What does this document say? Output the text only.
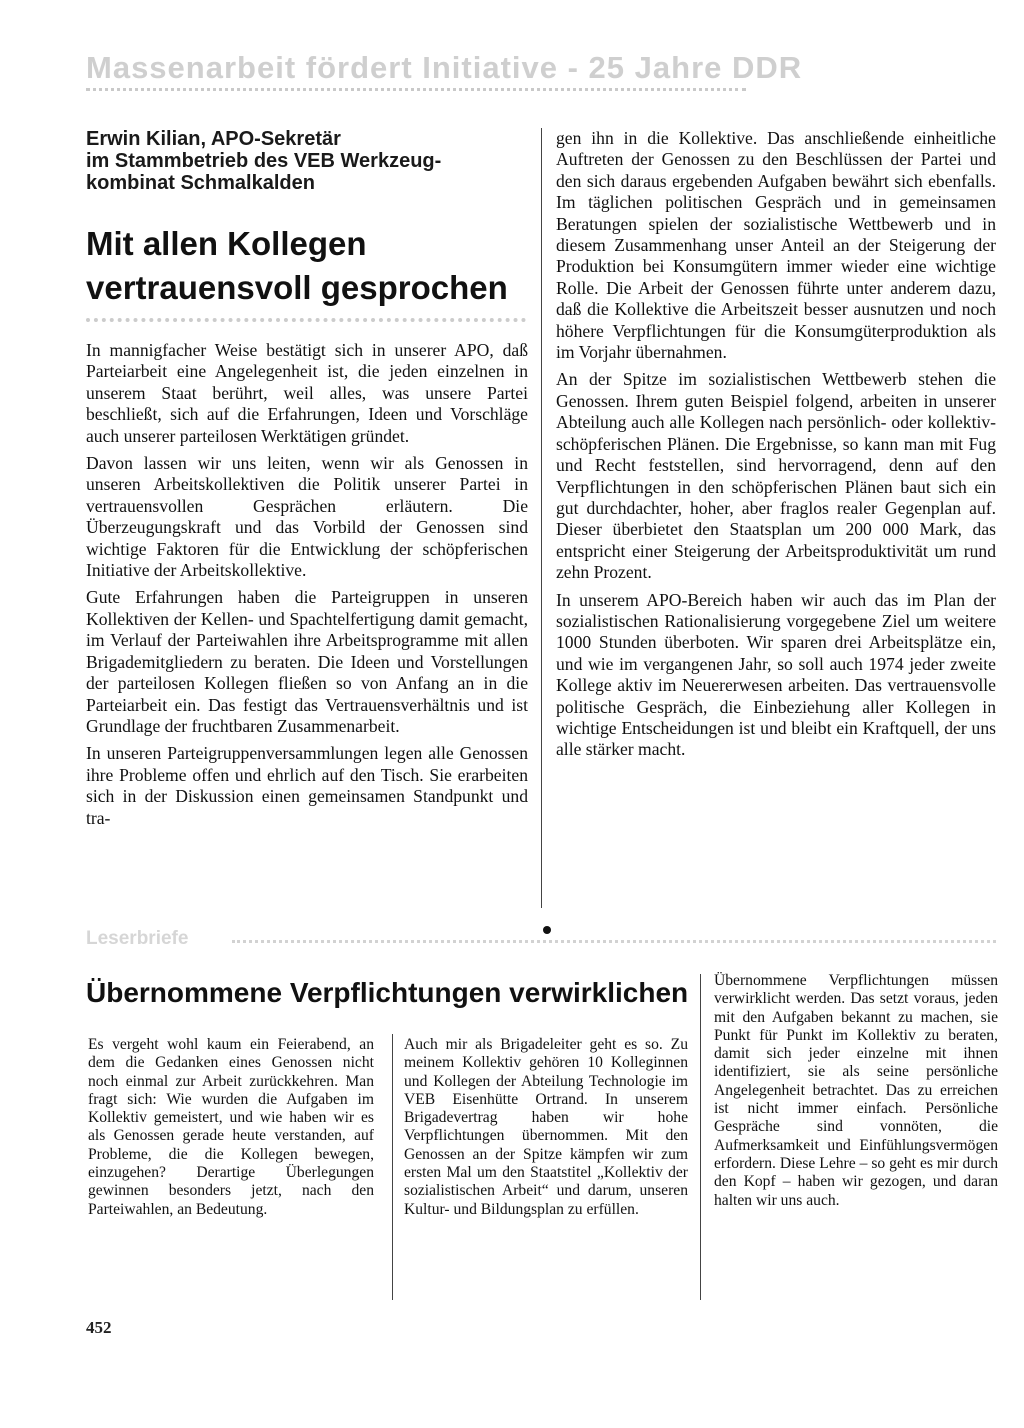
Massenarbeit fördert Initiative - 25 Jahre DDR

Erwin Kilian, APO-Sekretär
im Stammbetrieb des VEB Werkzeug-
kombinat Schmalkalden
Mit allen Kollegen
vertrauensvoll gesprochen

In mannigfacher Weise bestätigt sich in unserer APO, daß Parteiarbeit eine Angelegenheit ist, die jeden einzelnen in unserem Staat berührt, weil alles, was unsere Partei beschließt, sich auf die Erfahrungen, Ideen und Vorschläge auch unserer parteilosen Werktätigen gründet.

Davon lassen wir uns leiten, wenn wir als Genossen in unseren Arbeitskollektiven die Politik unserer Partei in vertrauensvollen Gesprächen erläutern. Die Überzeugungskraft und das Vorbild der Genossen sind wichtige Faktoren für die Entwicklung der schöpferischen Initiative der Arbeitskollektive.

Gute Erfahrungen haben die Parteigruppen in unseren Kollektiven der Kellen- und Spachtelfertigung damit gemacht, im Verlauf der Parteiwahlen ihre Arbeitsprogramme mit allen Brigademitgliedern zu beraten. Die Ideen und Vorstellungen der parteilosen Kollegen fließen so von Anfang an in die Parteiarbeit ein. Das festigt das Vertrauensverhältnis und ist Grundlage der fruchtbaren Zusammenarbeit.

In unseren Parteigruppenversammlungen legen alle Genossen ihre Probleme offen und ehrlich auf den Tisch. Sie erarbeiten sich in der Diskussion einen gemeinsamen Standpunkt und tra-

gen ihn in die Kollektive. Das anschließende einheitliche Auftreten der Genossen zu den Beschlüssen der Partei und den sich daraus ergebenden Aufgaben bewährt sich ebenfalls. Im täglichen politischen Gespräch und in gemeinsamen Beratungen spielen der sozialistische Wettbewerb und in diesem Zusammenhang unser Anteil an der Steigerung der Produktion bei Konsumgütern immer wieder eine wichtige Rolle. Die Arbeit der Genossen führte unter anderem dazu, daß die Kollektive die Arbeitszeit besser ausnutzen und noch höhere Verpflichtungen für die Konsumgüterproduktion als im Vorjahr übernahmen.

An der Spitze im sozialistischen Wettbewerb stehen die Genossen. Ihrem guten Beispiel folgend, arbeiten in unserer Abteilung auch alle Kollegen nach persönlich- oder kollektiv-schöpferischen Plänen. Die Ergebnisse, so kann man mit Fug und Recht feststellen, sind hervorragend, denn auf den Verpflichtungen in den schöpferischen Plänen baut sich ein gut durchdachter, hoher, aber fraglos realer Gegenplan auf. Dieser überbietet den Staatsplan um 200 000 Mark, das entspricht einer Steigerung der Arbeitsproduktivität um rund zehn Prozent.

In unserem APO-Bereich haben wir auch das im Plan der sozialistischen Rationalisierung vorgegebene Ziel um weitere 1000 Stunden überboten. Wir sparen drei Arbeitsplätze ein, und wie im vergangenen Jahr, so soll auch 1974 jeder zweite Kollege aktiv im Neuererwesen arbeiten. Das vertrauensvolle politische Gespräch, die Einbeziehung aller Kollegen in wichtige Entscheidungen ist und bleibt ein Kraftquell, der uns alle stärker macht.

Leserbriefe

Übernommene Verpflichtungen verwirklichen

Es vergeht wohl kaum ein Feierabend, an dem die Gedanken eines Genossen nicht noch einmal zur Arbeit zurückkehren. Man fragt sich: Wie wurden die Aufgaben im Kollektiv gemeistert, und wie haben wir es als Genossen gerade heute verstanden, auf Probleme, die die Kollegen bewegen, einzugehen? Derartige Überlegungen gewinnen besonders jetzt, nach den Parteiwahlen, an Bedeutung.

Auch mir als Brigadeleiter geht es so. Zu meinem Kollektiv gehören 10 Kolleginnen und Kollegen der Abteilung Technologie im VEB Eisenhütte Ortrand. In unserem Brigadevertrag haben wir hohe Verpflichtungen übernommen. Mit den Genossen an der Spitze kämpfen wir zum ersten Mal um den Staatstitel „Kollektiv der sozialistischen Arbeit“ und darum, unseren Kultur- und Bildungsplan zu erfüllen.

Übernommene Verpflichtungen müssen verwirklicht werden. Das setzt voraus, jeden mit den Aufgaben bekannt zu machen, sie Punkt für Punkt im Kollektiv zu beraten, damit sich jeder einzelne mit ihnen identifiziert, sie als seine persönliche Angelegenheit betrachtet. Das zu erreichen ist nicht immer einfach. Persönliche Gespräche sind vonnöten, die Aufmerksamkeit und Einfühlungsvermögen erfordern. Diese Lehre – so geht es mir durch den Kopf – haben wir gezogen, und daran halten wir uns auch.

452
